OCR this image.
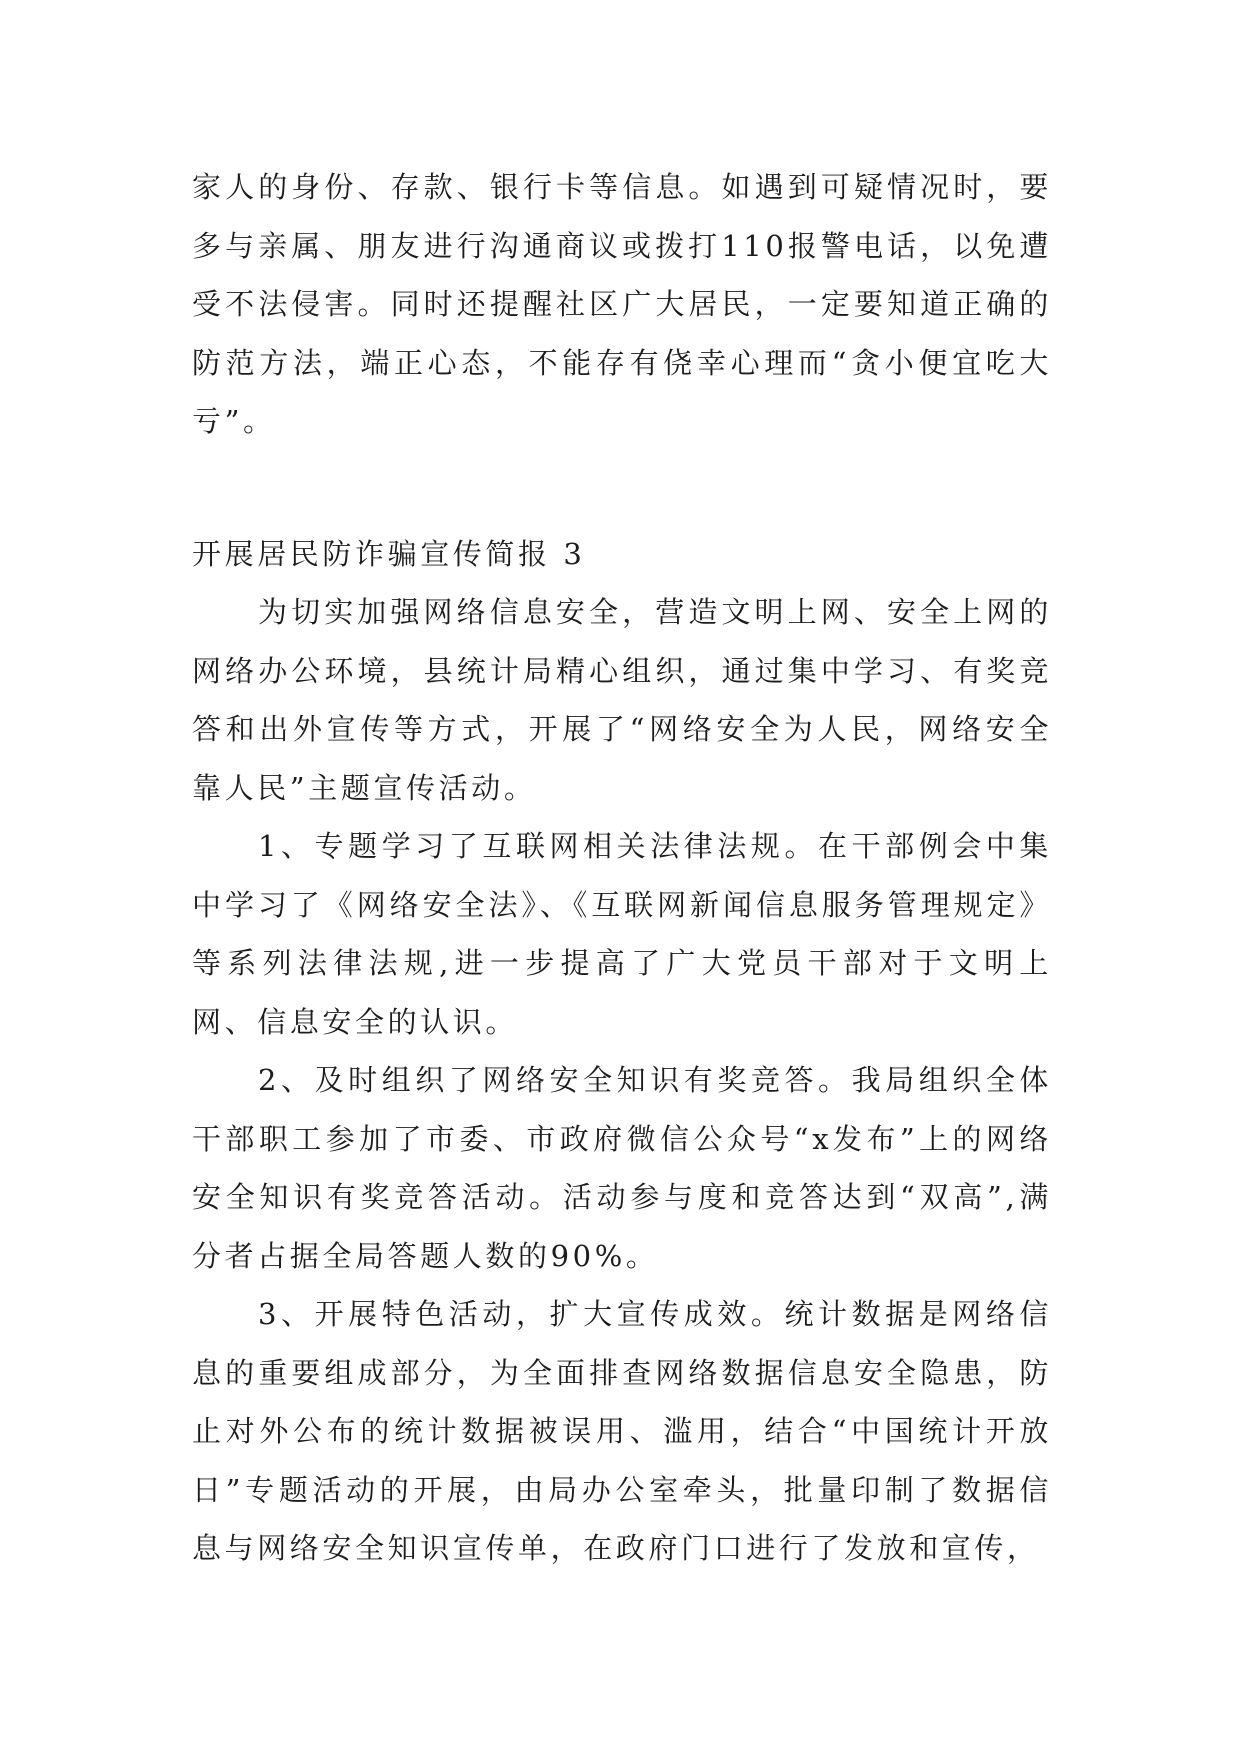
家人的身份、存款、银行卡等信息。如遇到可疑情况时，要多与亲属、朋友进行沟通商议或拨打110报警电话，以免遭受不法侵害。同时还提醒社区广大居民，一定要知道正确的防范方法，端正心态，不能存有侥幸心理而“贪小便宜吃大亏”。

开展居民防诈骗宣传简报 3

为切实加强网络信息安全，营造文明上网、安全上网的网络办公环境，县统计局精心组织，通过集中学习、有奖竞答和出外宣传等方式，开展了“网络安全为人民，网络安全靠人民”主题宣传活动。

1、专题学习了互联网相关法律法规。在干部例会中集中学习了《网络安全法》、《互联网新闻信息服务管理规定》等系列法律法规,进一步提高了广大党员干部对于文明上网、信息安全的认识。

2、及时组织了网络安全知识有奖竞答。我局组织全体干部职工参加了市委、市政府微信公众号“x发布”上的网络安全知识有奖竞答活动。活动参与度和竞答达到“双高”,满分者占据全局答题人数的90%。

3、开展特色活动，扩大宣传成效。统计数据是网络信息的重要组成部分，为全面排查网络数据信息安全隐患，防止对外公布的统计数据被误用、滥用，结合“中国统计开放日”专题活动的开展，由局办公室牵头，批量印制了数据信息与网络安全知识宣传单，在政府门口进行了发放和宣传，
